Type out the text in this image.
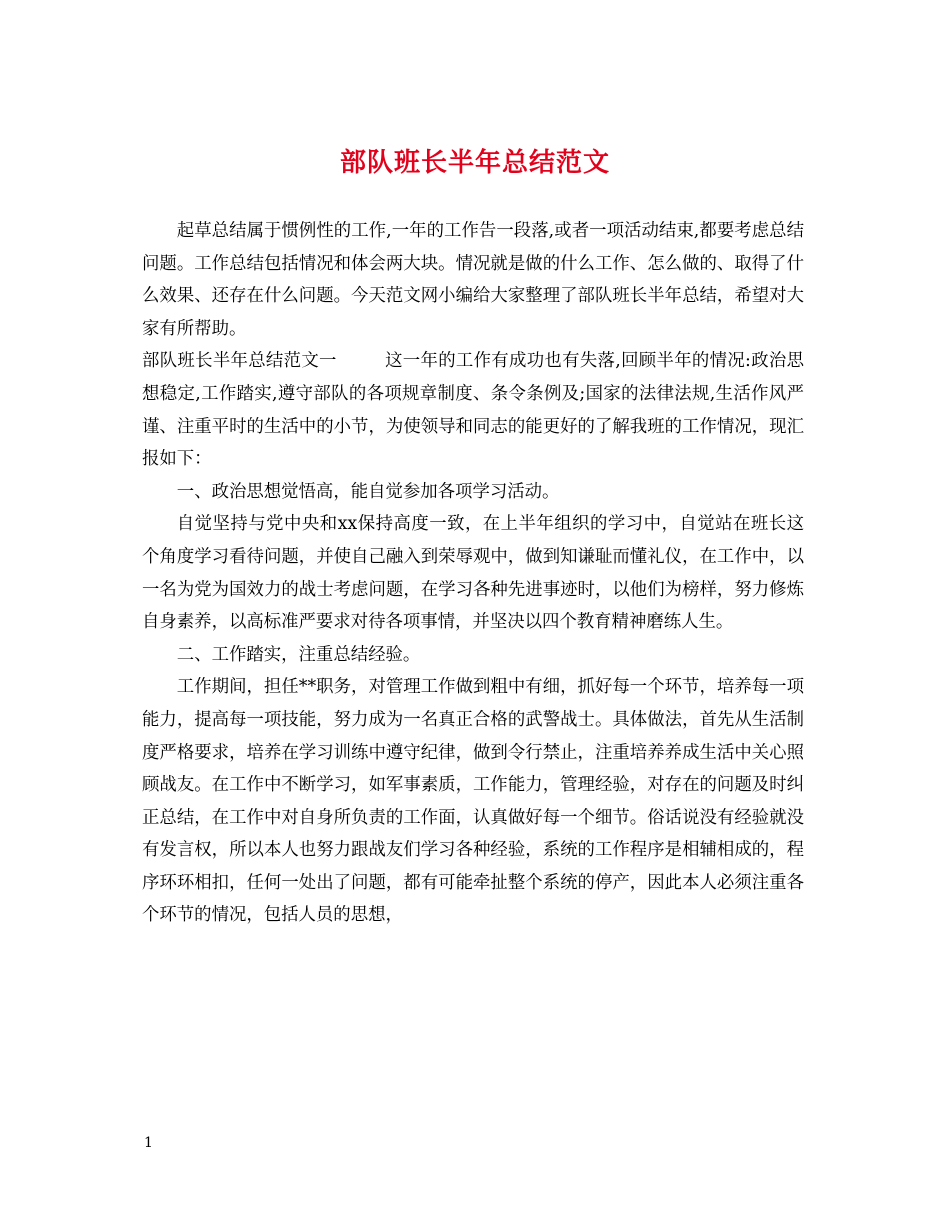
部队班长半年总结范文

起草总结属于惯例性的工作,一年的工作告一段落,或者一项活动结束,都要考虑总结问题。工作总结包括情况和体会两大块。情况就是做的什么工作、怎么做的、取得了什么效果、还存在什么问题。今天范文网小编给大家整理了部队班长半年总结，希望对大家有所帮助。

部队班长半年总结范文一	这一年的工作有成功也有失落,回顾半年的情况:政治思想稳定,工作踏实,遵守部队的各项规章制度、条令条例及;国家的法律法规,生活作风严谨、注重平时的生活中的小节，为使领导和同志的能更好的了解我班的工作情况，现汇报如下：

一、政治思想觉悟高，能自觉参加各项学习活动。

自觉坚持与党中央和xx保持高度一致，在上半年组织的学习中，自觉站在班长这个角度学习看待问题，并使自己融入到荣辱观中，做到知谦耻而懂礼仪，在工作中，以一名为党为国效力的战士考虑问题，在学习各种先进事迹时，以他们为榜样，努力修炼自身素养，以高标准严要求对待各项事情，并坚决以四个教育精神磨练人生。

二、工作踏实，注重总结经验。

工作期间，担任**职务，对管理工作做到粗中有细，抓好每一个环节，培养每一项能力，提高每一项技能，努力成为一名真正合格的武警战士。具体做法，首先从生活制度严格要求，培养在学习训练中遵守纪律，做到令行禁止，注重培养养成生活中关心照顾战友。在工作中不断学习，如军事素质，工作能力，管理经验，对存在的问题及时纠正总结，在工作中对自身所负责的工作面，认真做好每一个细节。俗话说没有经验就没有发言权，所以本人也努力跟战友们学习各种经验，系统的工作程序是相辅相成的，程序环环相扣，任何一处出了问题，都有可能牵扯整个系统的停产，因此本人必须注重各个环节的情况，包括人员的思想，

1
